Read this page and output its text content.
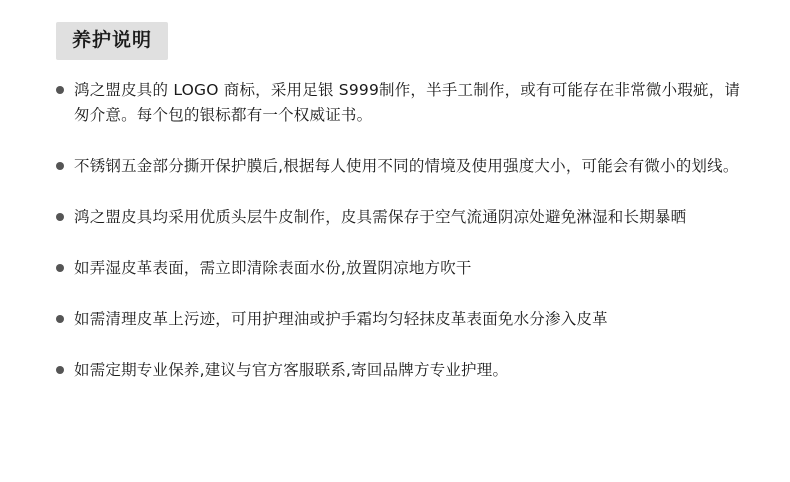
养护说明
鸿之盟皮具的 LOGO 商标，采用足银 S999制作，半手工制作，或有可能存在非常微小瑕疵，请匆介意。每个包的银标都有一个权威证书。
不锈钢五金部分撕开保护膜后,根据每人使用不同的情境及使用强度大小，可能会有微小的划线。
鸿之盟皮具均采用优质头层牛皮制作，皮具需保存于空气流通阴凉处避免淋湿和长期暴晒
如弄湿皮革表面，需立即清除表面水份,放置阴凉地方吹干
如需清理皮革上污迹，可用护理油或护手霜均匀轻抹皮革表面免水分渗入皮革
如需定期专业保养,建议与官方客服联系,寄回品牌方专业护理。
